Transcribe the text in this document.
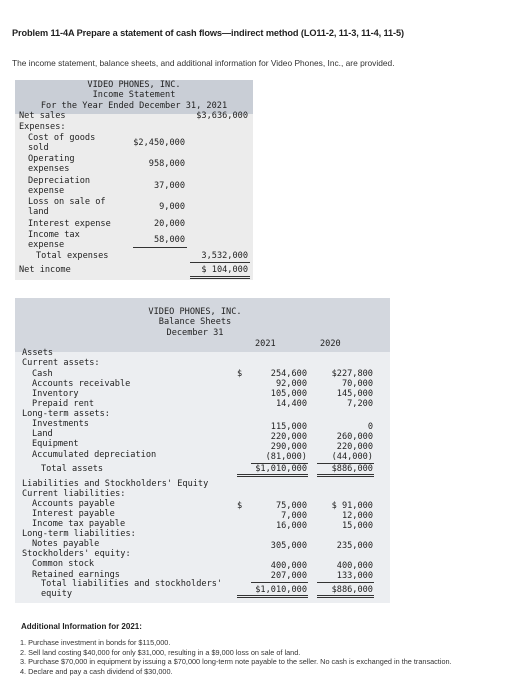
Problem 11-4A Prepare a statement of cash flows—indirect method (LO11-2, 11-3, 11-4, 11-5)
The income statement, balance sheets, and additional information for Video Phones, Inc., are provided.
VIDEO PHONES, INC.
Income Statement
For the Year Ended December 31, 2021
Net sales	$3,636,000
Expenses:
Cost of goods
sold	$2,450,000
Operating
expenses	958,000
Depreciation
expense	37,000
Loss on sale of
land	9,000
Interest expense	20,000
Income tax
expense	58,000
Total expenses	3,532,000
Net income	$ 104,000
VIDEO PHONES, INC.
Balance Sheets
December 31
2021	2020
Assets
Current assets:
Cash	$	254,600	$227,800
Accounts receivable	92,000	70,000
Inventory	105,000	145,000
Prepaid rent	14,400	7,200
Long-term assets:
Investments	115,000	0
Land	220,000	260,000
Equipment	290,000	220,000
Accumulated depreciation	(81,000)	(44,000)
Total assets	$1,010,000	$886,000
Liabilities and Stockholders' Equity
Current liabilities:
Accounts payable	$	75,000	$ 91,000
Interest payable	7,000	12,000
Income tax payable	16,000	15,000
Long-term liabilities:
Notes payable	305,000	235,000
Stockholders' equity:
Common stock	400,000	400,000
Retained earnings	207,000	133,000
Total liabilities and stockholders'
equity	$1,010,000	$886,000
Additional Information for 2021:
1. Purchase investment in bonds for $115,000.
2. Sell land costing $40,000 for only $31,000, resulting in a $9,000 loss on sale of land.
3. Purchase $70,000 in equipment by issuing a $70,000 long-term note payable to the seller. No cash is exchanged in the transaction.
4. Declare and pay a cash dividend of $30,000.
